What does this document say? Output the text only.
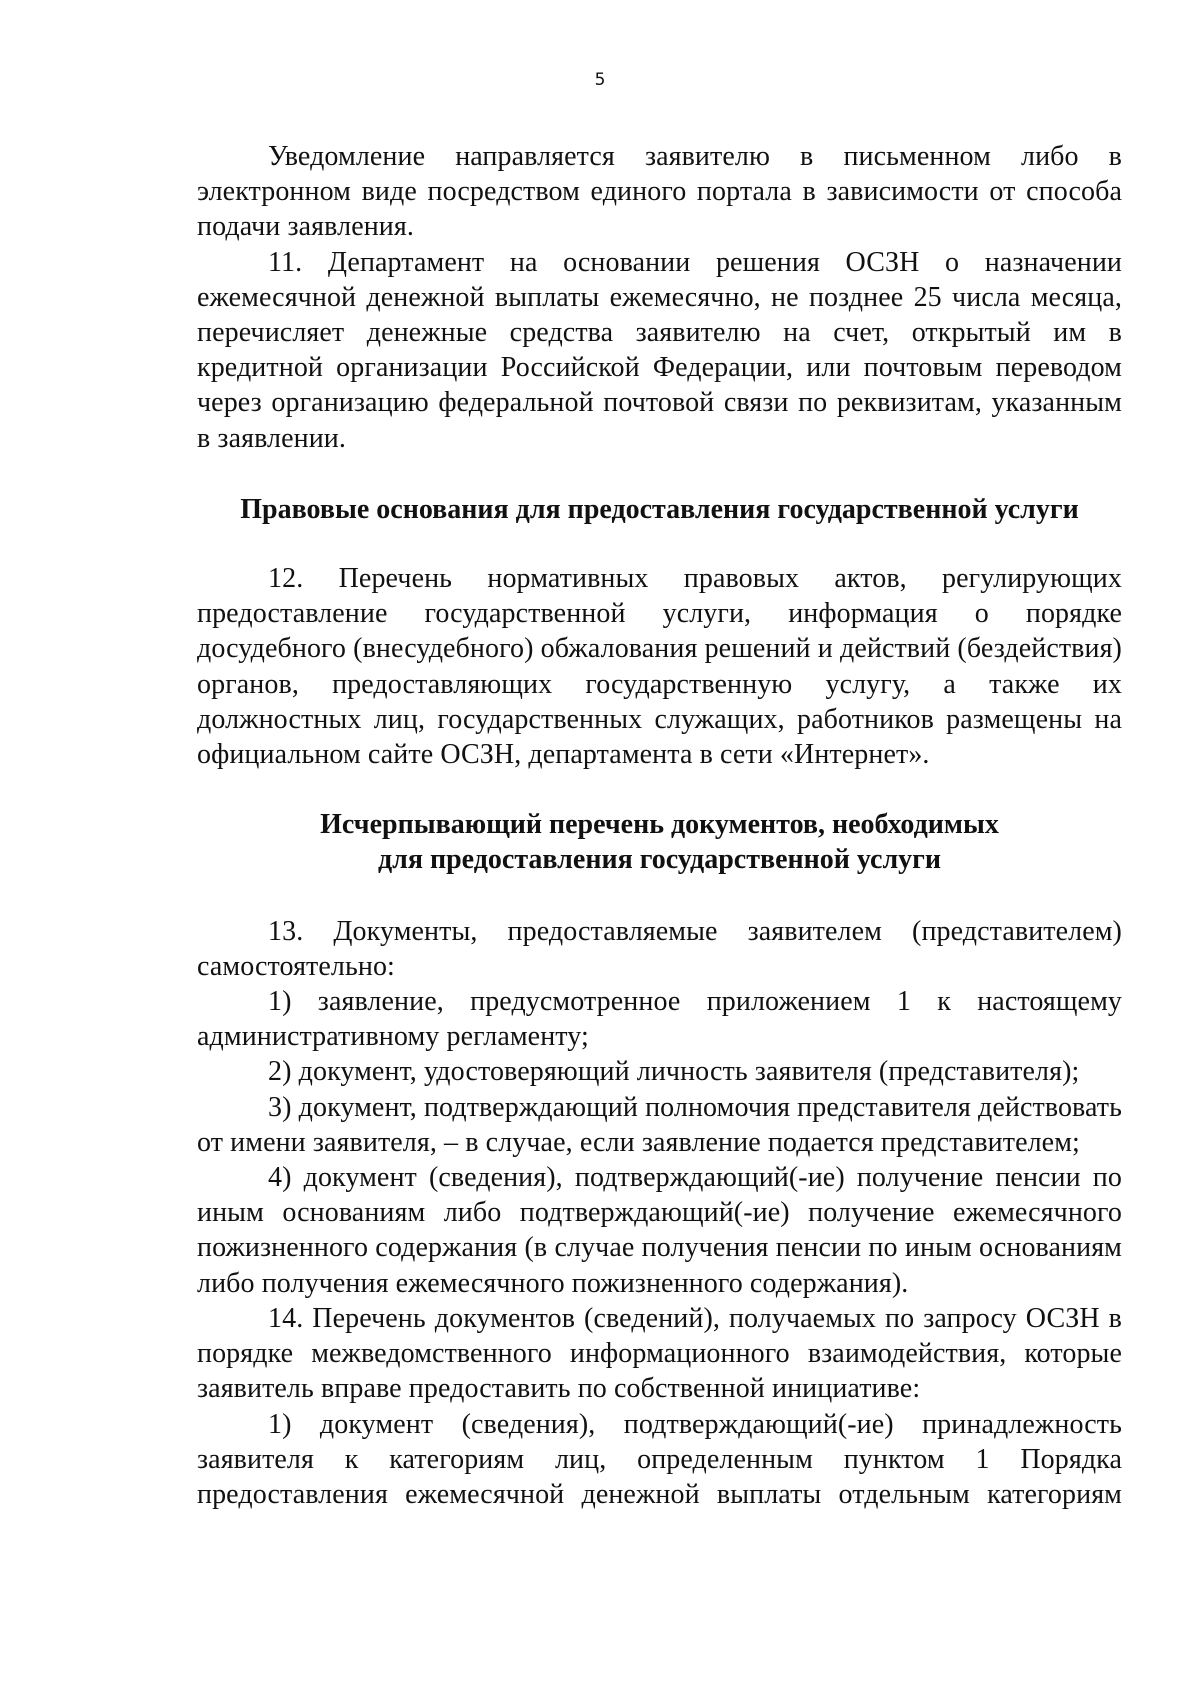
5

Уведомление направляется заявителю в письменном либо в электронном виде посредством единого портала в зависимости от способа подачи заявления.

11. Департамент на основании решения ОСЗН о назначении ежемесячной денежной выплаты ежемесячно, не позднее 25 числа месяца, перечисляет денежные средства заявителю на счет, открытый им в кредитной организации Российской Федерации, или почтовым переводом через организацию федеральной почтовой связи по реквизитам, указанным в заявлении.

Правовые основания для предоставления государственной услуги

12. Перечень нормативных правовых актов, регулирующих предоставление государственной услуги, информация о порядке досудебного (внесудебного) обжалования решений и действий (бездействия) органов, предоставляющих государственную услугу, а также их должностных лиц, государственных служащих, работников размещены на официальном сайте ОСЗН, департамента в сети «Интернет».

Исчерпывающий перечень документов, необходимых
для предоставления государственной услуги

13. Документы, предоставляемые заявителем (представителем) самостоятельно:

1) заявление, предусмотренное приложением 1 к настоящему административному регламенту;

2) документ, удостоверяющий личность заявителя (представителя);

3) документ, подтверждающий полномочия представителя действовать от имени заявителя, – в случае, если заявление подается представителем;

4) документ (сведения), подтверждающий(-ие) получение пенсии по иным основаниям либо подтверждающий(-ие) получение ежемесячного пожизненного содержания (в случае получения пенсии по иным основаниям либо получения ежемесячного пожизненного содержания).

14. Перечень документов (сведений), получаемых по запросу ОСЗН в порядке межведомственного информационного взаимодействия, которые заявитель вправе предоставить по собственной инициативе:

1) документ (сведения), подтверждающий(-ие) принадлежность заявителя к категориям лиц, определенным пунктом 1 Порядка предоставления ежемесячной денежной выплаты отдельным категориям
